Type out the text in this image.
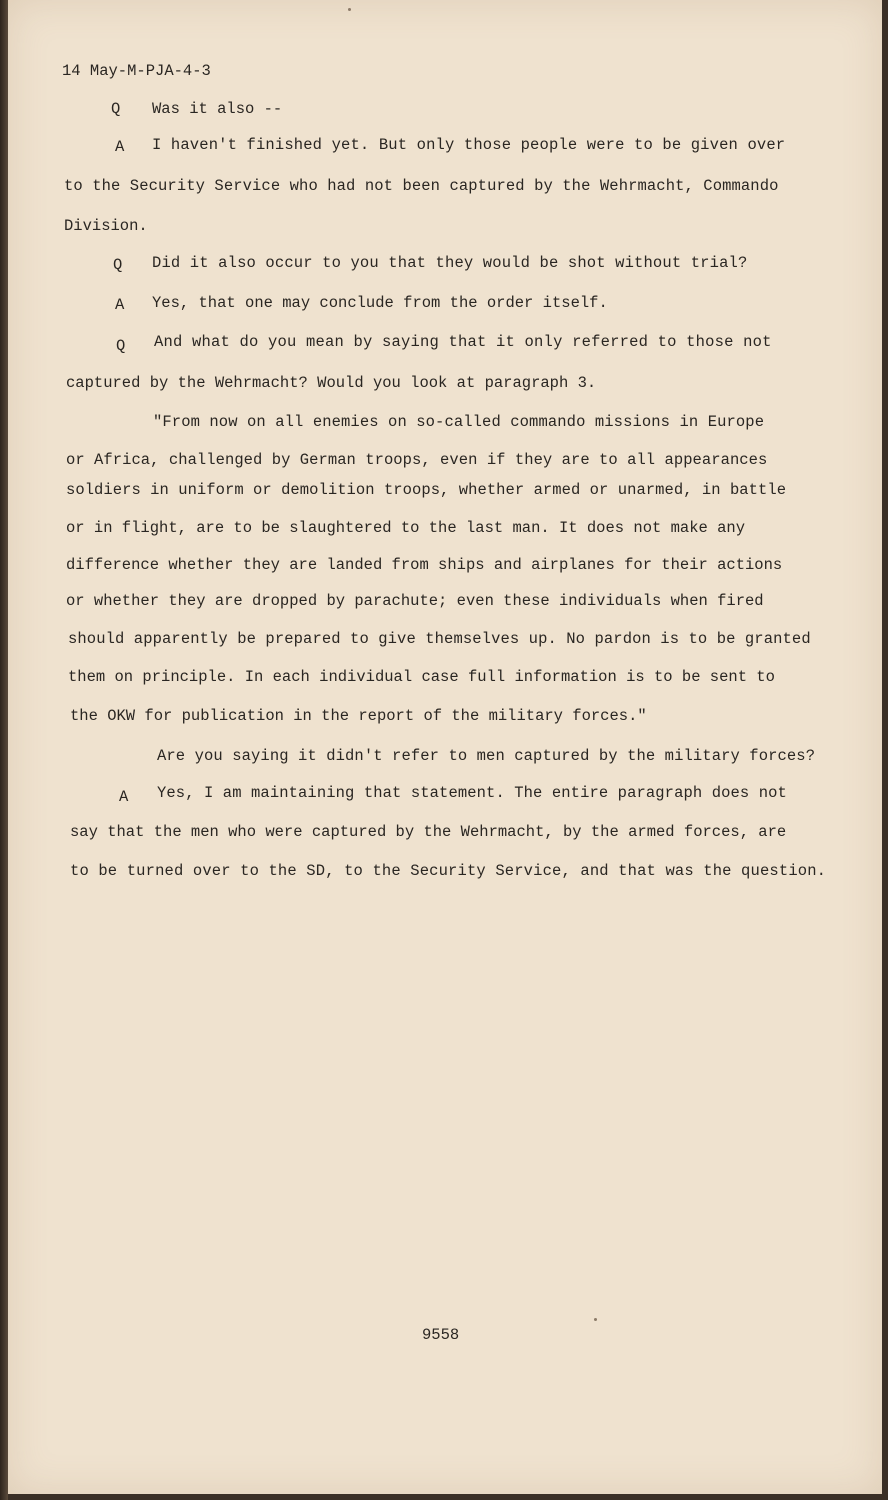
14 May-M-PJA-4-3
Q Was it also --
A I haven't finished yet. But only those people were to be given over
to the Security Service who had not been captured by the Wehrmacht, Commando
Division.
Q Did it also occur to you that they would be shot without trial?
A Yes, that one may conclude from the order itself.
Q And what do you mean by saying that it only referred to those not
captured by the Wehrmacht? Would you look at paragraph 3.
"From now on all enemies on so-called commando missions in Europe
or Africa, challenged by German troops, even if they are to all appearances
soldiers in uniform or demolition troops, whether armed or unarmed, in battle
or in flight, are to be slaughtered to the last man. It does not make any
difference whether they are landed from ships and airplanes for their actions
or whether they are dropped by parachute; even these individuals when fired
should apparently be prepared to give themselves up. No pardon is to be granted
them on principle. In each individual case full information is to be sent to
the OKW for publication in the report of the military forces."
Are you saying it didn't refer to men captured by the military forces?
A Yes, I am maintaining that statement. The entire paragraph does not
say that the men who were captured by the Wehrmacht, by the armed forces, are
to be turned over to the SD, to the Security Service, and that was the question.
9558
